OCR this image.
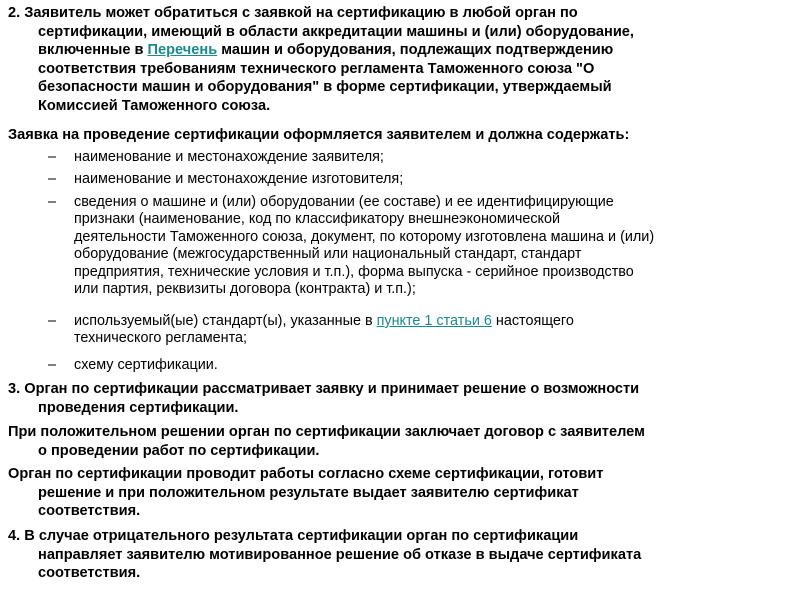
2. Заявитель может обратиться с заявкой на сертификацию в любой орган по
сертификации, имеющий в области аккредитации машины и (или) оборудование,
включенные в Перечень машин и оборудования, подлежащих подтверждению
соответствия требованиям технического регламента Таможенного союза "О
безопасности машин и оборудования" в форме сертификации, утверждаемый
Комиссией Таможенного союза.
Заявка на проведение сертификации оформляется заявителем и должна содержать:
–	наименование и местонахождение заявителя;
–	наименование и местонахождение изготовителя;
–	сведения о машине и (или) оборудовании (ее составе) и ее идентифицирующие
признаки (наименование, код по классификатору внешнеэкономической
деятельности Таможенного союза, документ, по которому изготовлена машина и (или)
оборудование (межгосударственный или национальный стандарт, стандарт
предприятия, технические условия и т.п.), форма выпуска - серийное производство
или партия, реквизиты договора (контракта) и т.п.);
–	используемый(ые) стандарт(ы), указанные в пункте 1 статьи 6 настоящего
технического регламента;
–	схему сертификации.
3. Орган по сертификации рассматривает заявку и принимает решение о возможности
проведения сертификации.
При положительном решении орган по сертификации заключает договор с заявителем
о проведении работ по сертификации.
Орган по сертификации проводит работы согласно схеме сертификации, готовит
решение и при положительном результате выдает заявителю сертификат
соответствия.
4. В случае отрицательного результата сертификации орган по сертификации
направляет заявителю мотивированное решение об отказе в выдаче сертификата
соответствия.
